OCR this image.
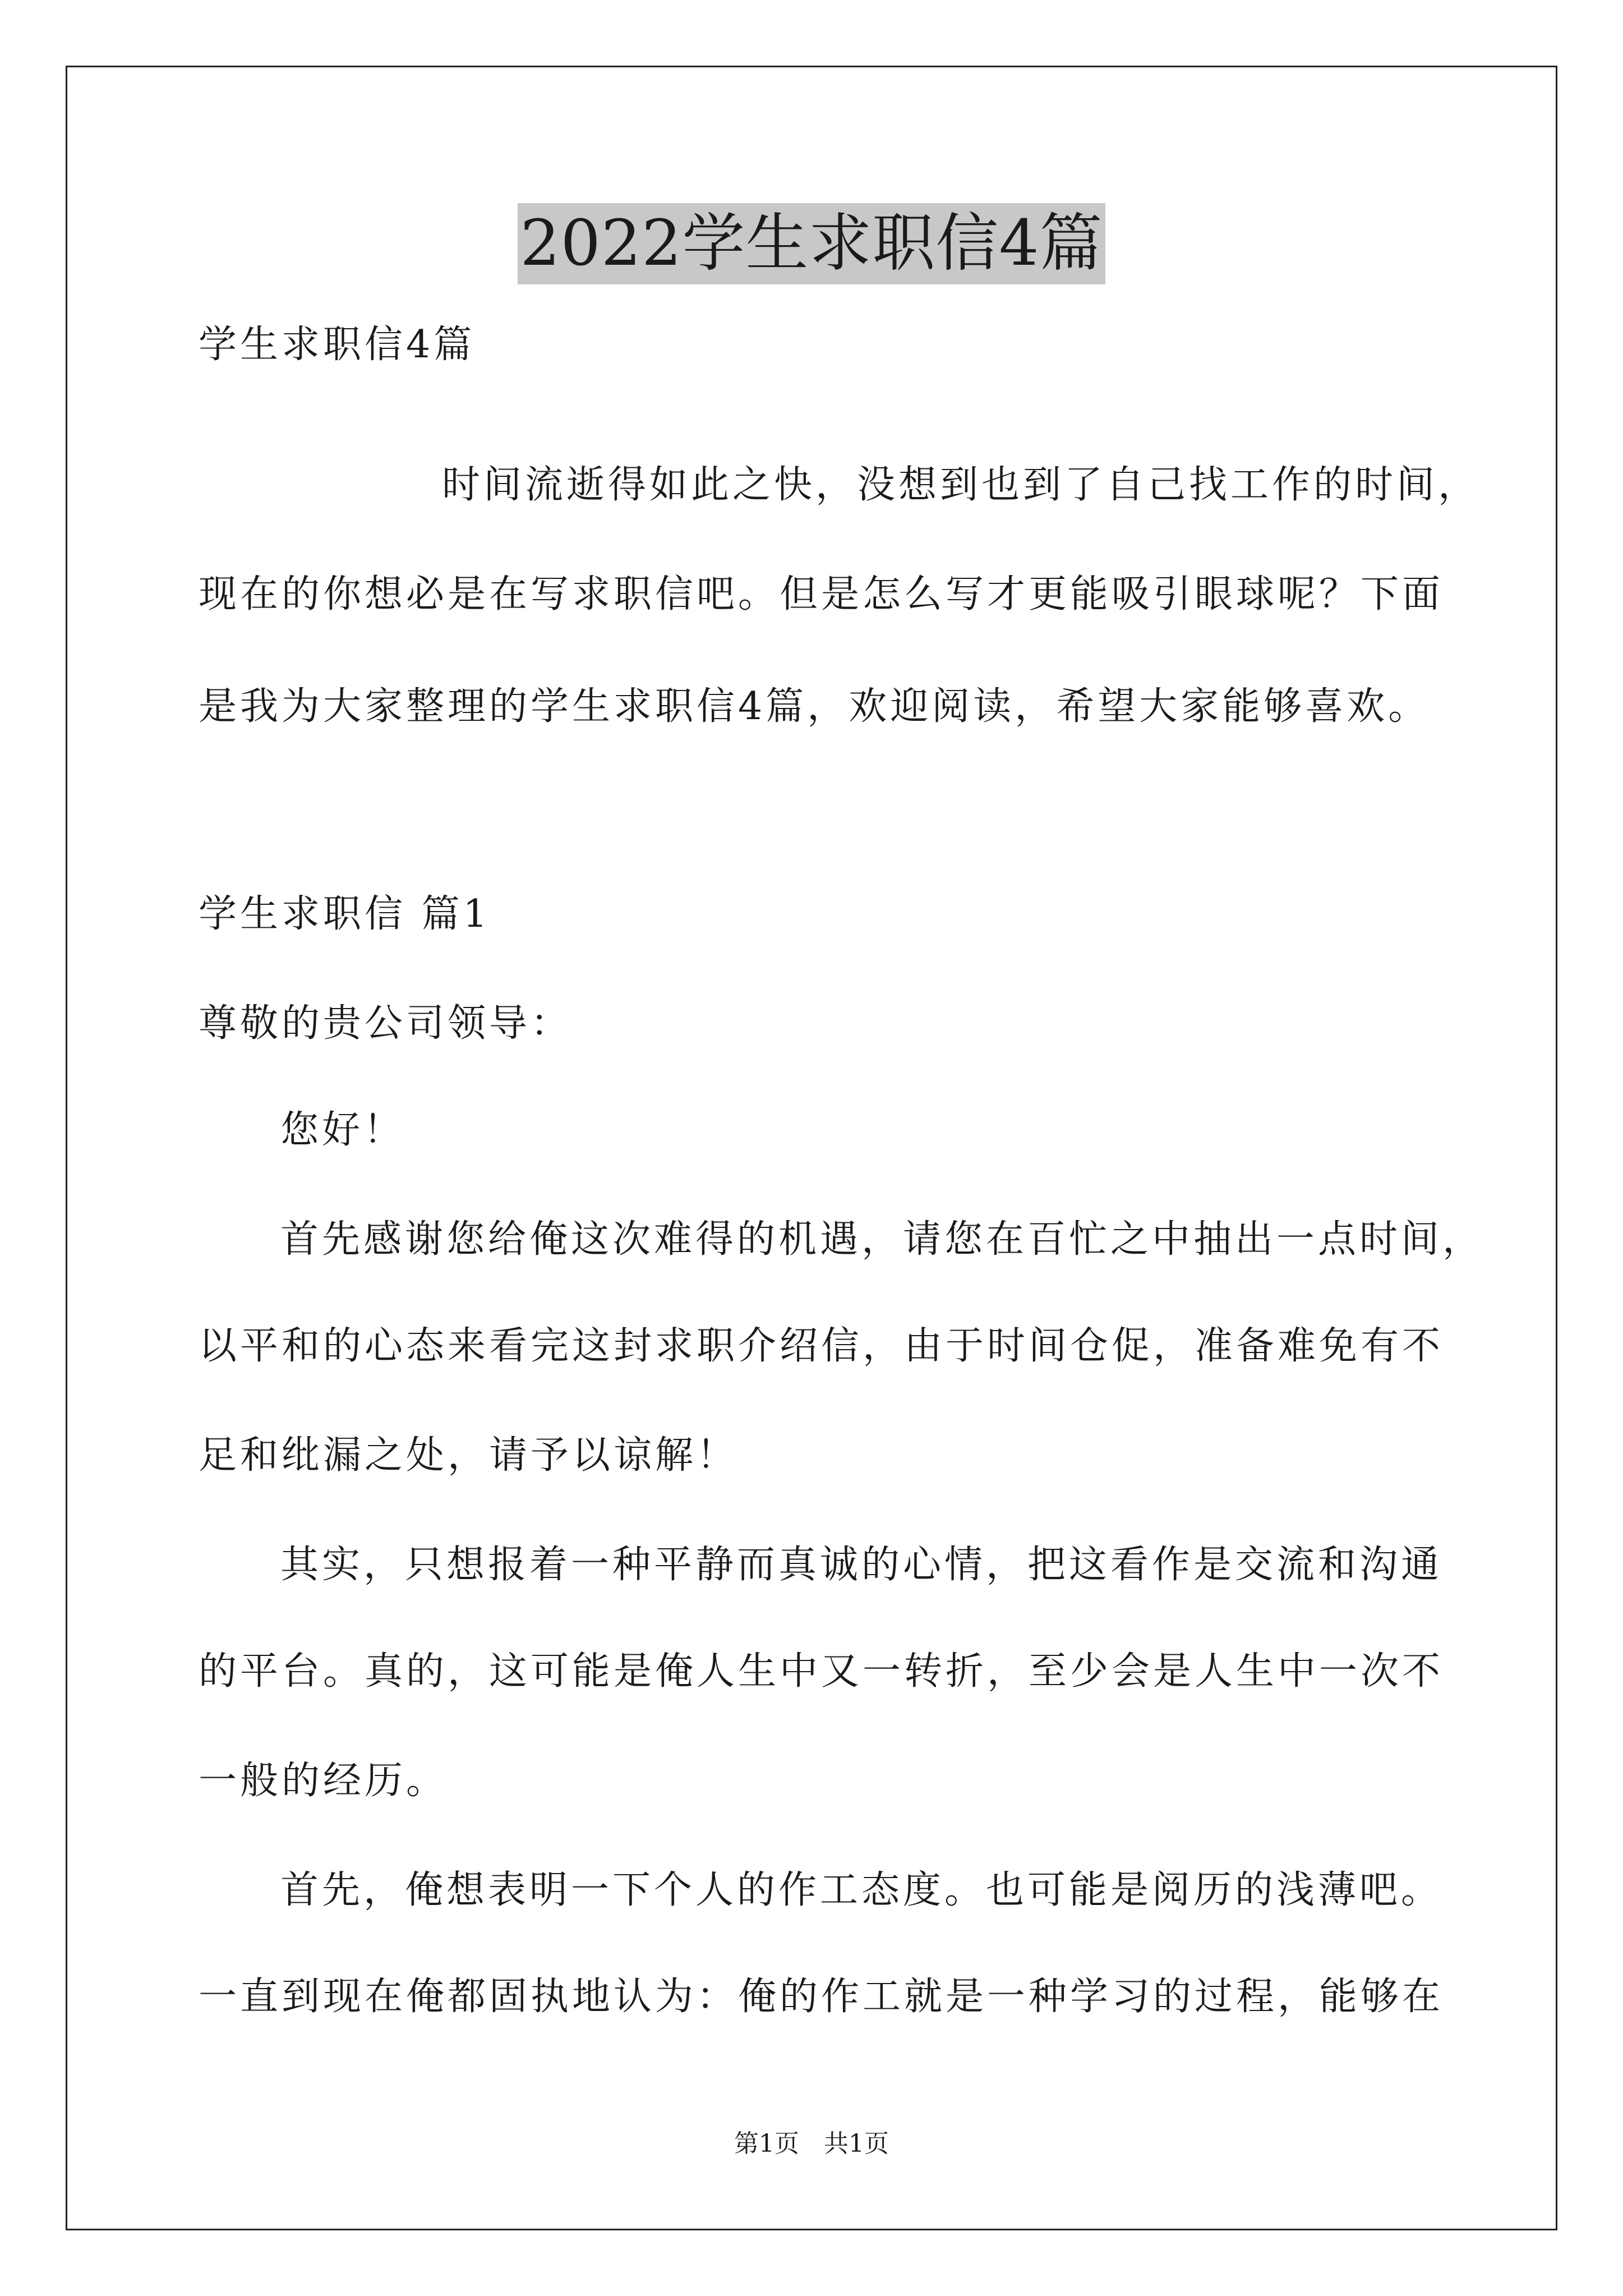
2022学生求职信4篇
学生求职信4篇
时间流逝得如此之快，没想到也到了自己找工作的时间，
现在的你想必是在写求职信吧。但是怎么写才更能吸引眼球呢？下面
是我为大家整理的学生求职信4篇，欢迎阅读，希望大家能够喜欢。
学生求职信 篇1
尊敬的贵公司领导：
您好！
首先感谢您给俺这次难得的机遇，请您在百忙之中抽出一点时间，
以平和的心态来看完这封求职介绍信，由于时间仓促，准备难免有不
足和纰漏之处，请予以谅解！
其实，只想报着一种平静而真诚的心情，把这看作是交流和沟通
的平台。真的，这可能是俺人生中又一转折，至少会是人生中一次不
一般的经历。
首先，俺想表明一下个人的作工态度。也可能是阅历的浅薄吧。
一直到现在俺都固执地认为：俺的作工就是一种学习的过程，能够在
第1页　共1页
